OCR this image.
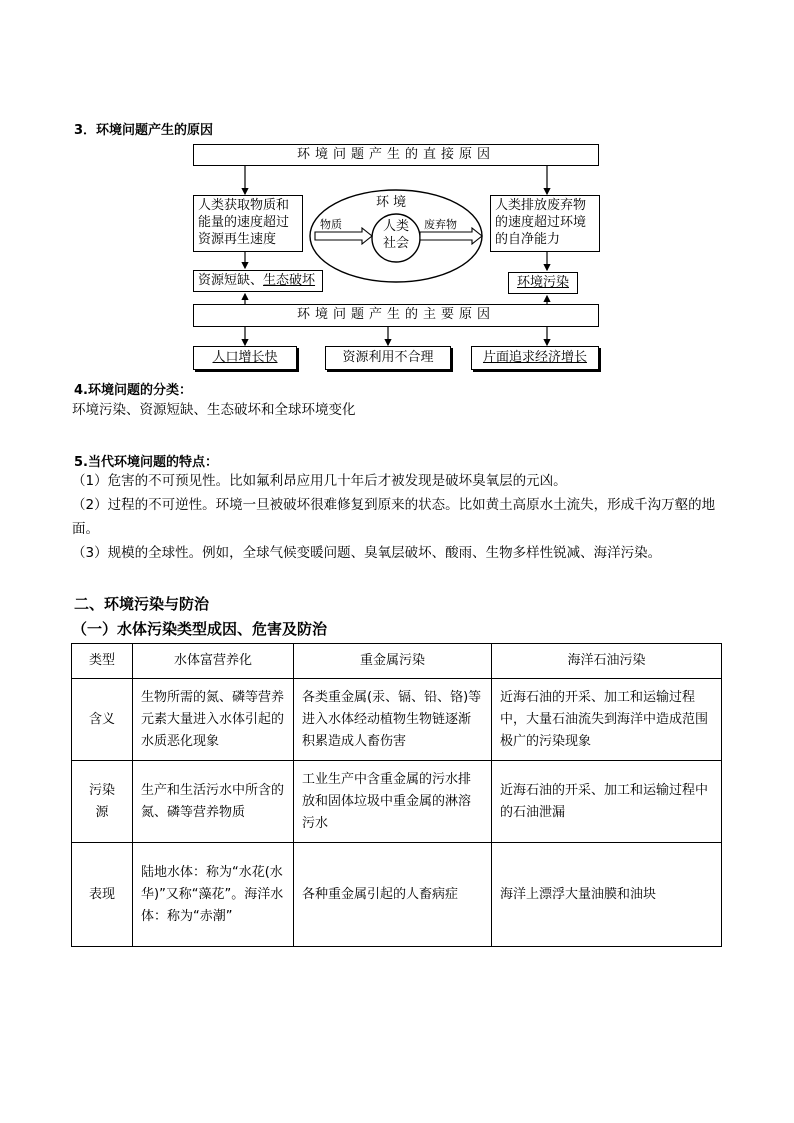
3．环境问题产生的原因
环境问题产生的直接原因
人类获取物质和能量的速度超过资源再生速度
人类排放废弃物的速度超过环境的自净能力
环 境
人类
社会
物质	废弃物
资源短缺、生态破坏	环境污染
环境问题产生的主要原因
人口增长快	资源利用不合理	片面追求经济增长
4.环境问题的分类：
环境污染、资源短缺、生态破坏和全球环境变化
5.当代环境问题的特点：
（1）危害的不可预见性。比如氟利昂应用几十年后才被发现是破坏臭氧层的元凶。
（2）过程的不可逆性。环境一旦被破坏很难修复到原来的状态。比如黄土高原水土流失，形成千沟万壑的地面。
（3）规模的全球性。例如，全球气候变暖问题、臭氧层破坏、酸雨、生物多样性锐减、海洋污染。
二、环境污染与防治
（一）水体污染类型成因、危害及防治
类型	水体富营养化	重金属污染	海洋石油污染
含义	生物所需的氮、磷等营养元素大量进入水体引起的水质恶化现象	各类重金属(汞、镉、铅、铬)等进入水体经动植物生物链逐渐积累造成人畜伤害	近海石油的开采、加工和运输过程中，大量石油流失到海洋中造成范围极广的污染现象
污染源	生产和生活污水中所含的氮、磷等营养物质	工业生产中含重金属的污水排放和固体垃圾中重金属的淋溶污水	近海石油的开采、加工和运输过程中的石油泄漏
表现	陆地水体：称为“水花(水华)”又称“藻花”。海洋水体：称为“赤潮”	各种重金属引起的人畜病症	海洋上漂浮大量油膜和油块
